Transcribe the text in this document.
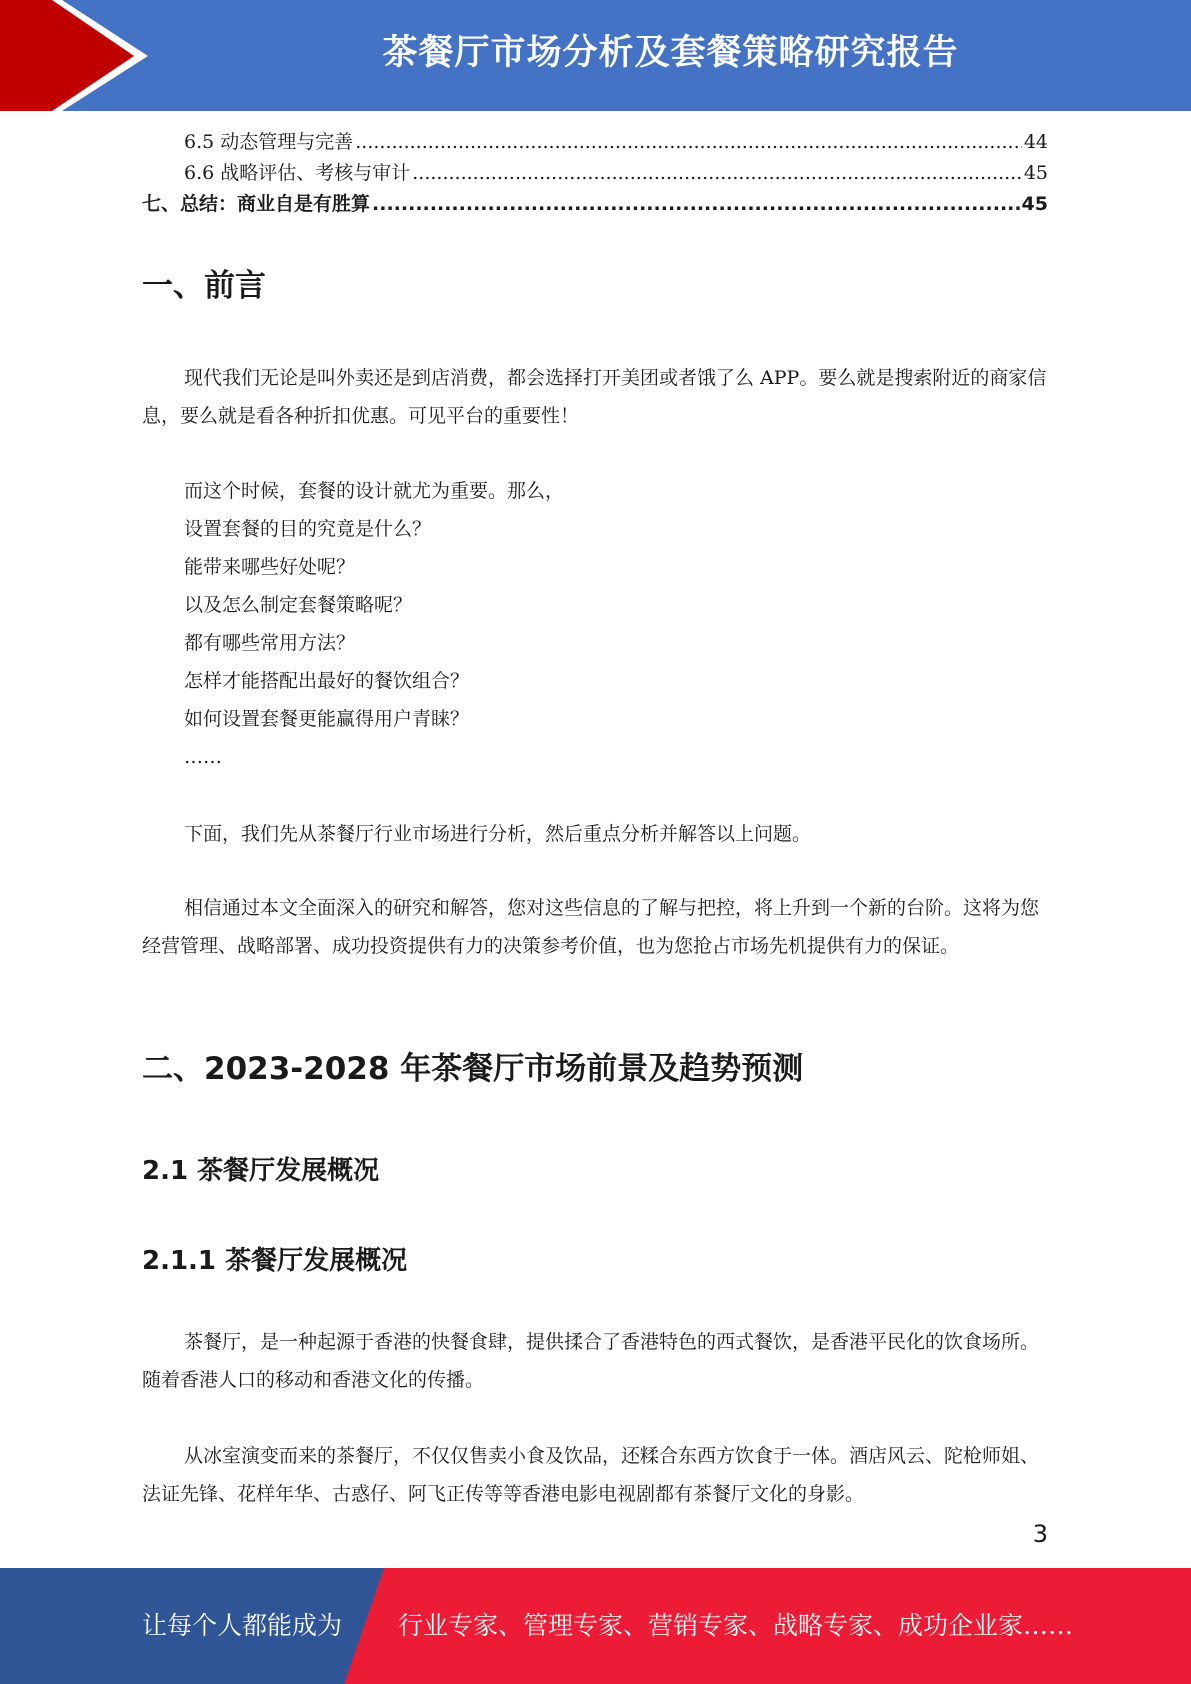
茶餐厅市场分析及套餐策略研究报告
6.5 动态管理与完善 .....	44
6.6 战略评估、考核与审计 .....	45
七、总结：商业自是有胜算 .....	45
一、前言

现代我们无论是叫外卖还是到店消费，都会选择打开美团或者饿了么 APP。要么就是搜索附近的商家信息，要么就是看各种折扣优惠。可见平台的重要性！

而这个时候，套餐的设计就尤为重要。那么，
设置套餐的目的究竟是什么？
能带来哪些好处呢？
以及怎么制定套餐策略呢？
都有哪些常用方法？
怎样才能搭配出最好的餐饮组合？
如何设置套餐更能赢得用户青睐？
……

下面，我们先从茶餐厅行业市场进行分析，然后重点分析并解答以上问题。

相信通过本文全面深入的研究和解答，您对这些信息的了解与把控，将上升到一个新的台阶。这将为您经营管理、战略部署、成功投资提供有力的决策参考价值，也为您抢占市场先机提供有力的保证。

二、2023-2028 年茶餐厅市场前景及趋势预测
2.1 茶餐厅发展概况
2.1.1 茶餐厅发展概况

茶餐厅，是一种起源于香港的快餐食肆，提供揉合了香港特色的西式餐饮，是香港平民化的饮食场所。随着香港人口的移动和香港文化的传播。

从冰室演变而来的茶餐厅，不仅仅售卖小食及饮品，还糅合东西方饮食于一体。酒店风云、陀枪师姐、法证先锋、花样年华、古惑仔、阿飞正传等等香港电影电视剧都有茶餐厅文化的身影。

3
让每个人都能成为 行业专家、管理专家、营销专家、战略专家、成功企业家……
